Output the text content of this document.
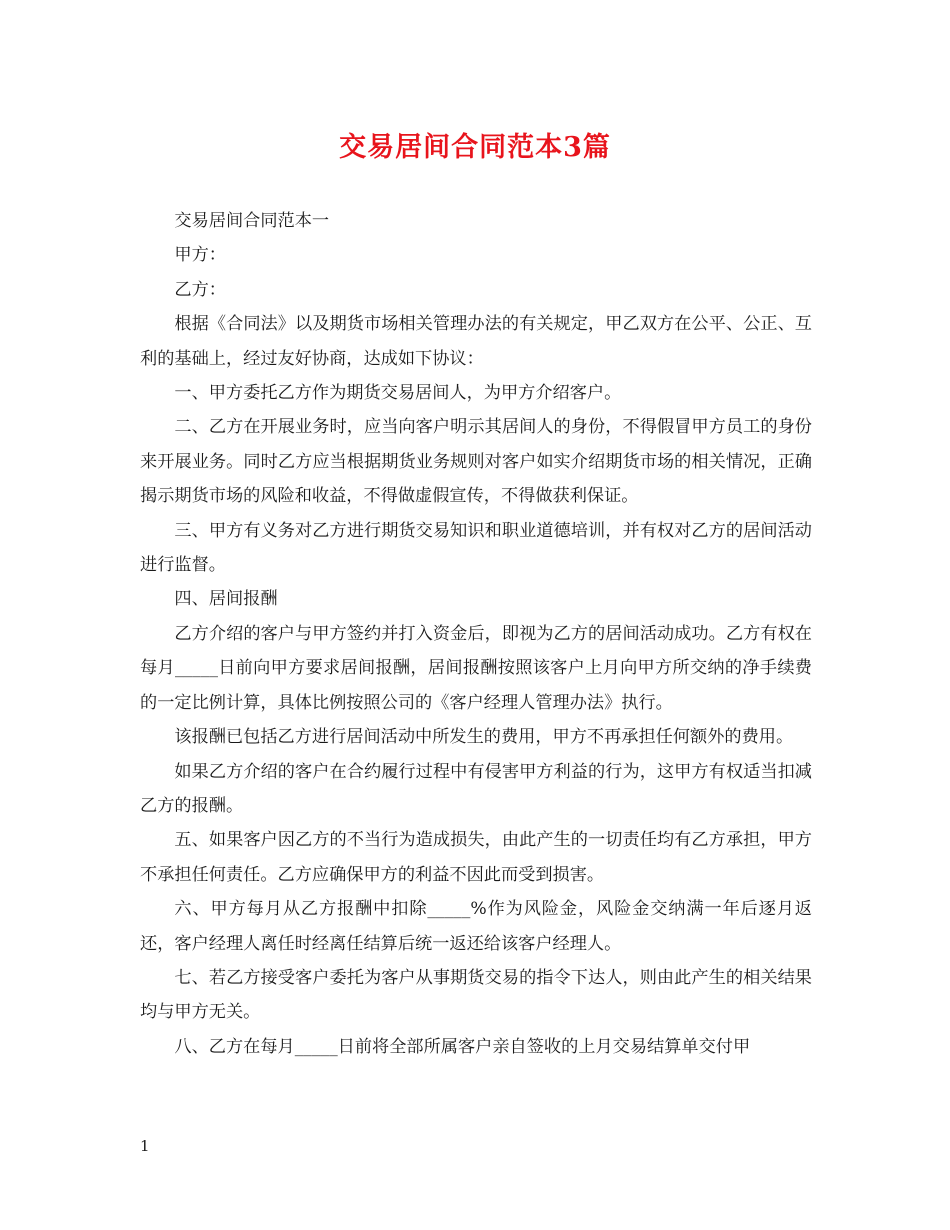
交易居间合同范本3篇

交易居间合同范本一

甲方：

乙方：

根据《合同法》以及期货市场相关管理办法的有关规定，甲乙双方在公平、公正、互利的基础上，经过友好协商，达成如下协议：

一、甲方委托乙方作为期货交易居间人，为甲方介绍客户。

二、乙方在开展业务时，应当向客户明示其居间人的身份，不得假冒甲方员工的身份来开展业务。同时乙方应当根据期货业务规则对客户如实介绍期货市场的相关情况，正确揭示期货市场的风险和收益，不得做虚假宣传，不得做获利保证。

三、甲方有义务对乙方进行期货交易知识和职业道德培训，并有权对乙方的居间活动进行监督。

四、居间报酬

乙方介绍的客户与甲方签约并打入资金后，即视为乙方的居间活动成功。乙方有权在每月_____日前向甲方要求居间报酬，居间报酬按照该客户上月向甲方所交纳的净手续费的一定比例计算，具体比例按照公司的《客户经理人管理办法》执行。

该报酬已包括乙方进行居间活动中所发生的费用，甲方不再承担任何额外的费用。

如果乙方介绍的客户在合约履行过程中有侵害甲方利益的行为，这甲方有权适当扣减乙方的报酬。

五、如果客户因乙方的不当行为造成损失，由此产生的一切责任均有乙方承担，甲方不承担任何责任。乙方应确保甲方的利益不因此而受到损害。

六、甲方每月从乙方报酬中扣除_____%作为风险金，风险金交纳满一年后逐月返还，客户经理人离任时经离任结算后统一返还给该客户经理人。

七、若乙方接受客户委托为客户从事期货交易的指令下达人，则由此产生的相关结果均与甲方无关。

八、乙方在每月_____日前将全部所属客户亲自签收的上月交易结算单交付甲

1
